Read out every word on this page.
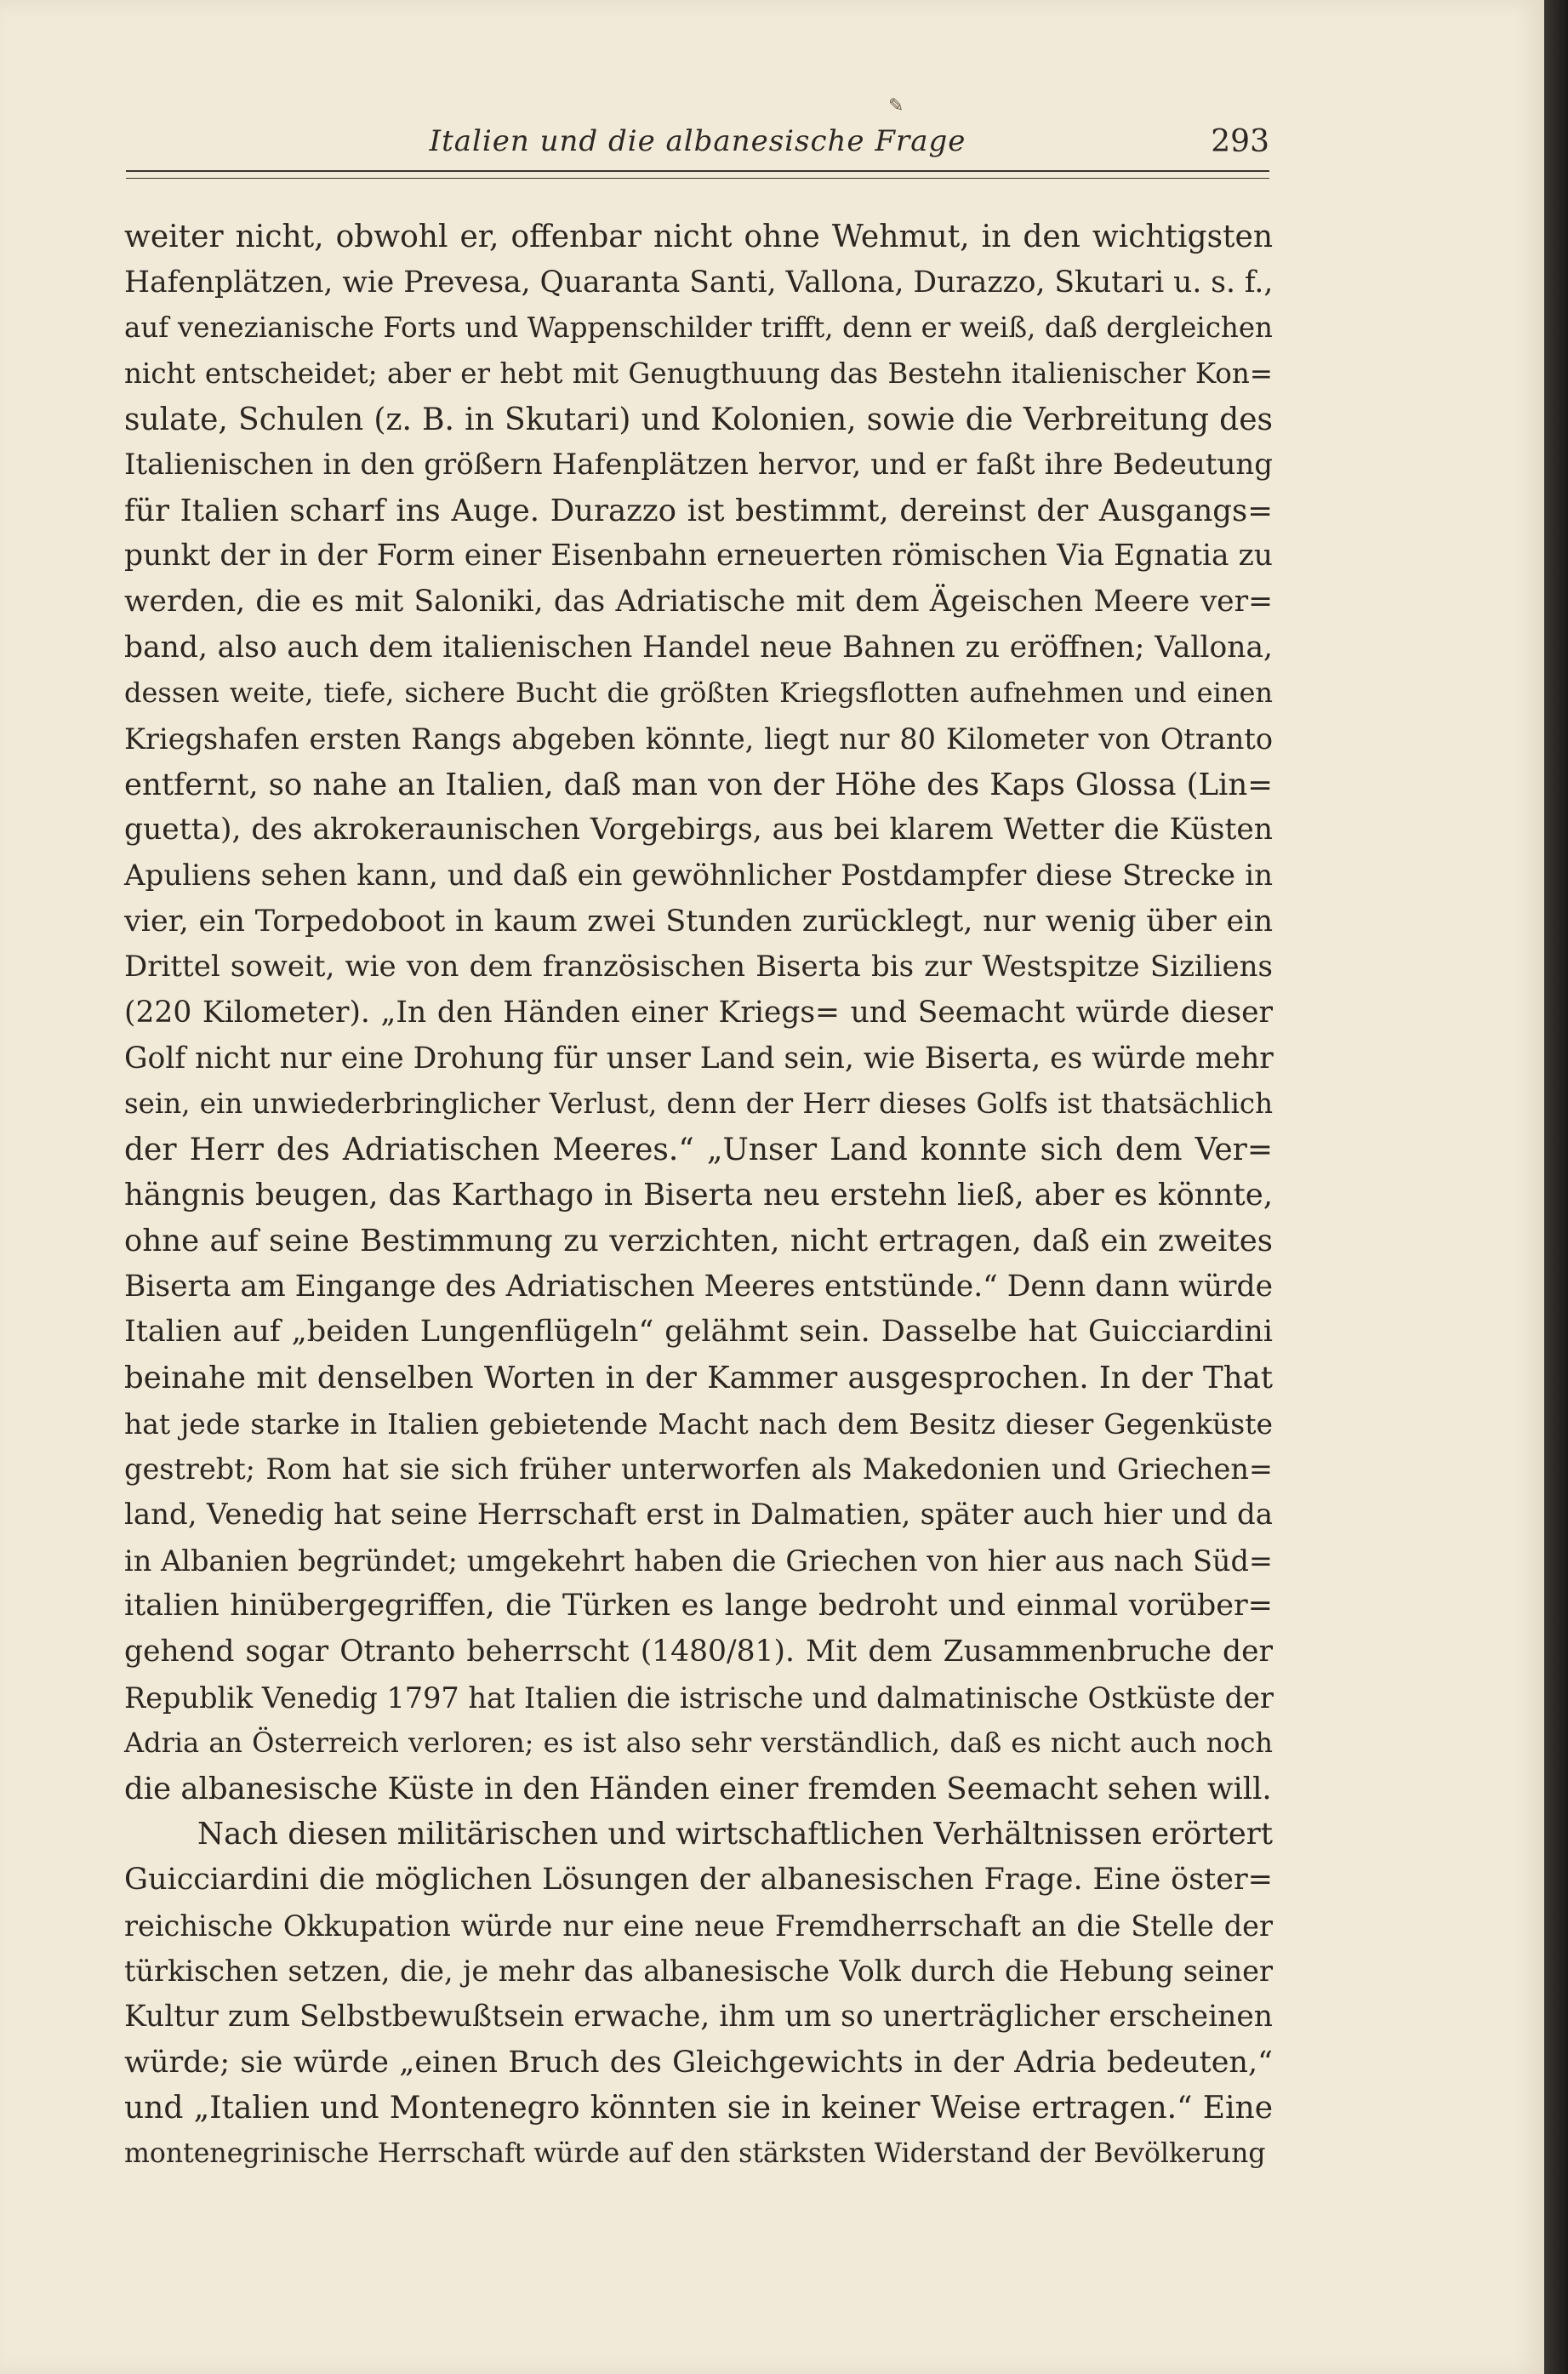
✎
Italien und die albanesische Frage	293
weiter nicht, obwohl er, offenbar nicht ohne Wehmut, in den wichtigsten
Hafenplätzen, wie Prevesa, Quaranta Santi, Vallona, Durazzo, Skutari u. s. f.,
auf venezianische Forts und Wappenschilder trifft, denn er weiß, daß dergleichen
nicht entscheidet; aber er hebt mit Genugthuung das Bestehn italienischer Kon=
sulate, Schulen (z. B. in Skutari) und Kolonien, sowie die Verbreitung des
Italienischen in den größern Hafenplätzen hervor, und er faßt ihre Bedeutung
für Italien scharf ins Auge. Durazzo ist bestimmt, dereinst der Ausgangs=
punkt der in der Form einer Eisenbahn erneuerten römischen Via Egnatia zu
werden, die es mit Saloniki, das Adriatische mit dem Ägeischen Meere ver=
band, also auch dem italienischen Handel neue Bahnen zu eröffnen; Vallona,
dessen weite, tiefe, sichere Bucht die größten Kriegsflotten aufnehmen und einen
Kriegshafen ersten Rangs abgeben könnte, liegt nur 80 Kilometer von Otranto
entfernt, so nahe an Italien, daß man von der Höhe des Kaps Glossa (Lin=
guetta), des akrokeraunischen Vorgebirgs, aus bei klarem Wetter die Küsten
Apuliens sehen kann, und daß ein gewöhnlicher Postdampfer diese Strecke in
vier, ein Torpedoboot in kaum zwei Stunden zurücklegt, nur wenig über ein
Drittel soweit, wie von dem französischen Biserta bis zur Westspitze Siziliens
(220 Kilometer). „In den Händen einer Kriegs= und Seemacht würde dieser
Golf nicht nur eine Drohung für unser Land sein, wie Biserta, es würde mehr
sein, ein unwiederbringlicher Verlust, denn der Herr dieses Golfs ist thatsächlich
der Herr des Adriatischen Meeres.“ „Unser Land konnte sich dem Ver=
hängnis beugen, das Karthago in Biserta neu erstehn ließ, aber es könnte,
ohne auf seine Bestimmung zu verzichten, nicht ertragen, daß ein zweites
Biserta am Eingange des Adriatischen Meeres entstünde.“ Denn dann würde
Italien auf „beiden Lungenflügeln“ gelähmt sein. Dasselbe hat Guicciardini
beinahe mit denselben Worten in der Kammer ausgesprochen. In der That
hat jede starke in Italien gebietende Macht nach dem Besitz dieser Gegenküste
gestrebt; Rom hat sie sich früher unterworfen als Makedonien und Griechen=
land, Venedig hat seine Herrschaft erst in Dalmatien, später auch hier und da
in Albanien begründet; umgekehrt haben die Griechen von hier aus nach Süd=
italien hinübergegriffen, die Türken es lange bedroht und einmal vorüber=
gehend sogar Otranto beherrscht (1480/81). Mit dem Zusammenbruche der
Republik Venedig 1797 hat Italien die istrische und dalmatinische Ostküste der
Adria an Österreich verloren; es ist also sehr verständlich, daß es nicht auch noch
die albanesische Küste in den Händen einer fremden Seemacht sehen will.
Nach diesen militärischen und wirtschaftlichen Verhältnissen erörtert
Guicciardini die möglichen Lösungen der albanesischen Frage. Eine öster=
reichische Okkupation würde nur eine neue Fremdherrschaft an die Stelle der
türkischen setzen, die, je mehr das albanesische Volk durch die Hebung seiner
Kultur zum Selbstbewußtsein erwache, ihm um so unerträglicher erscheinen
würde; sie würde „einen Bruch des Gleichgewichts in der Adria bedeuten,“
und „Italien und Montenegro könnten sie in keiner Weise ertragen.“ Eine
montenegrinische Herrschaft würde auf den stärksten Widerstand der Bevölkerung
